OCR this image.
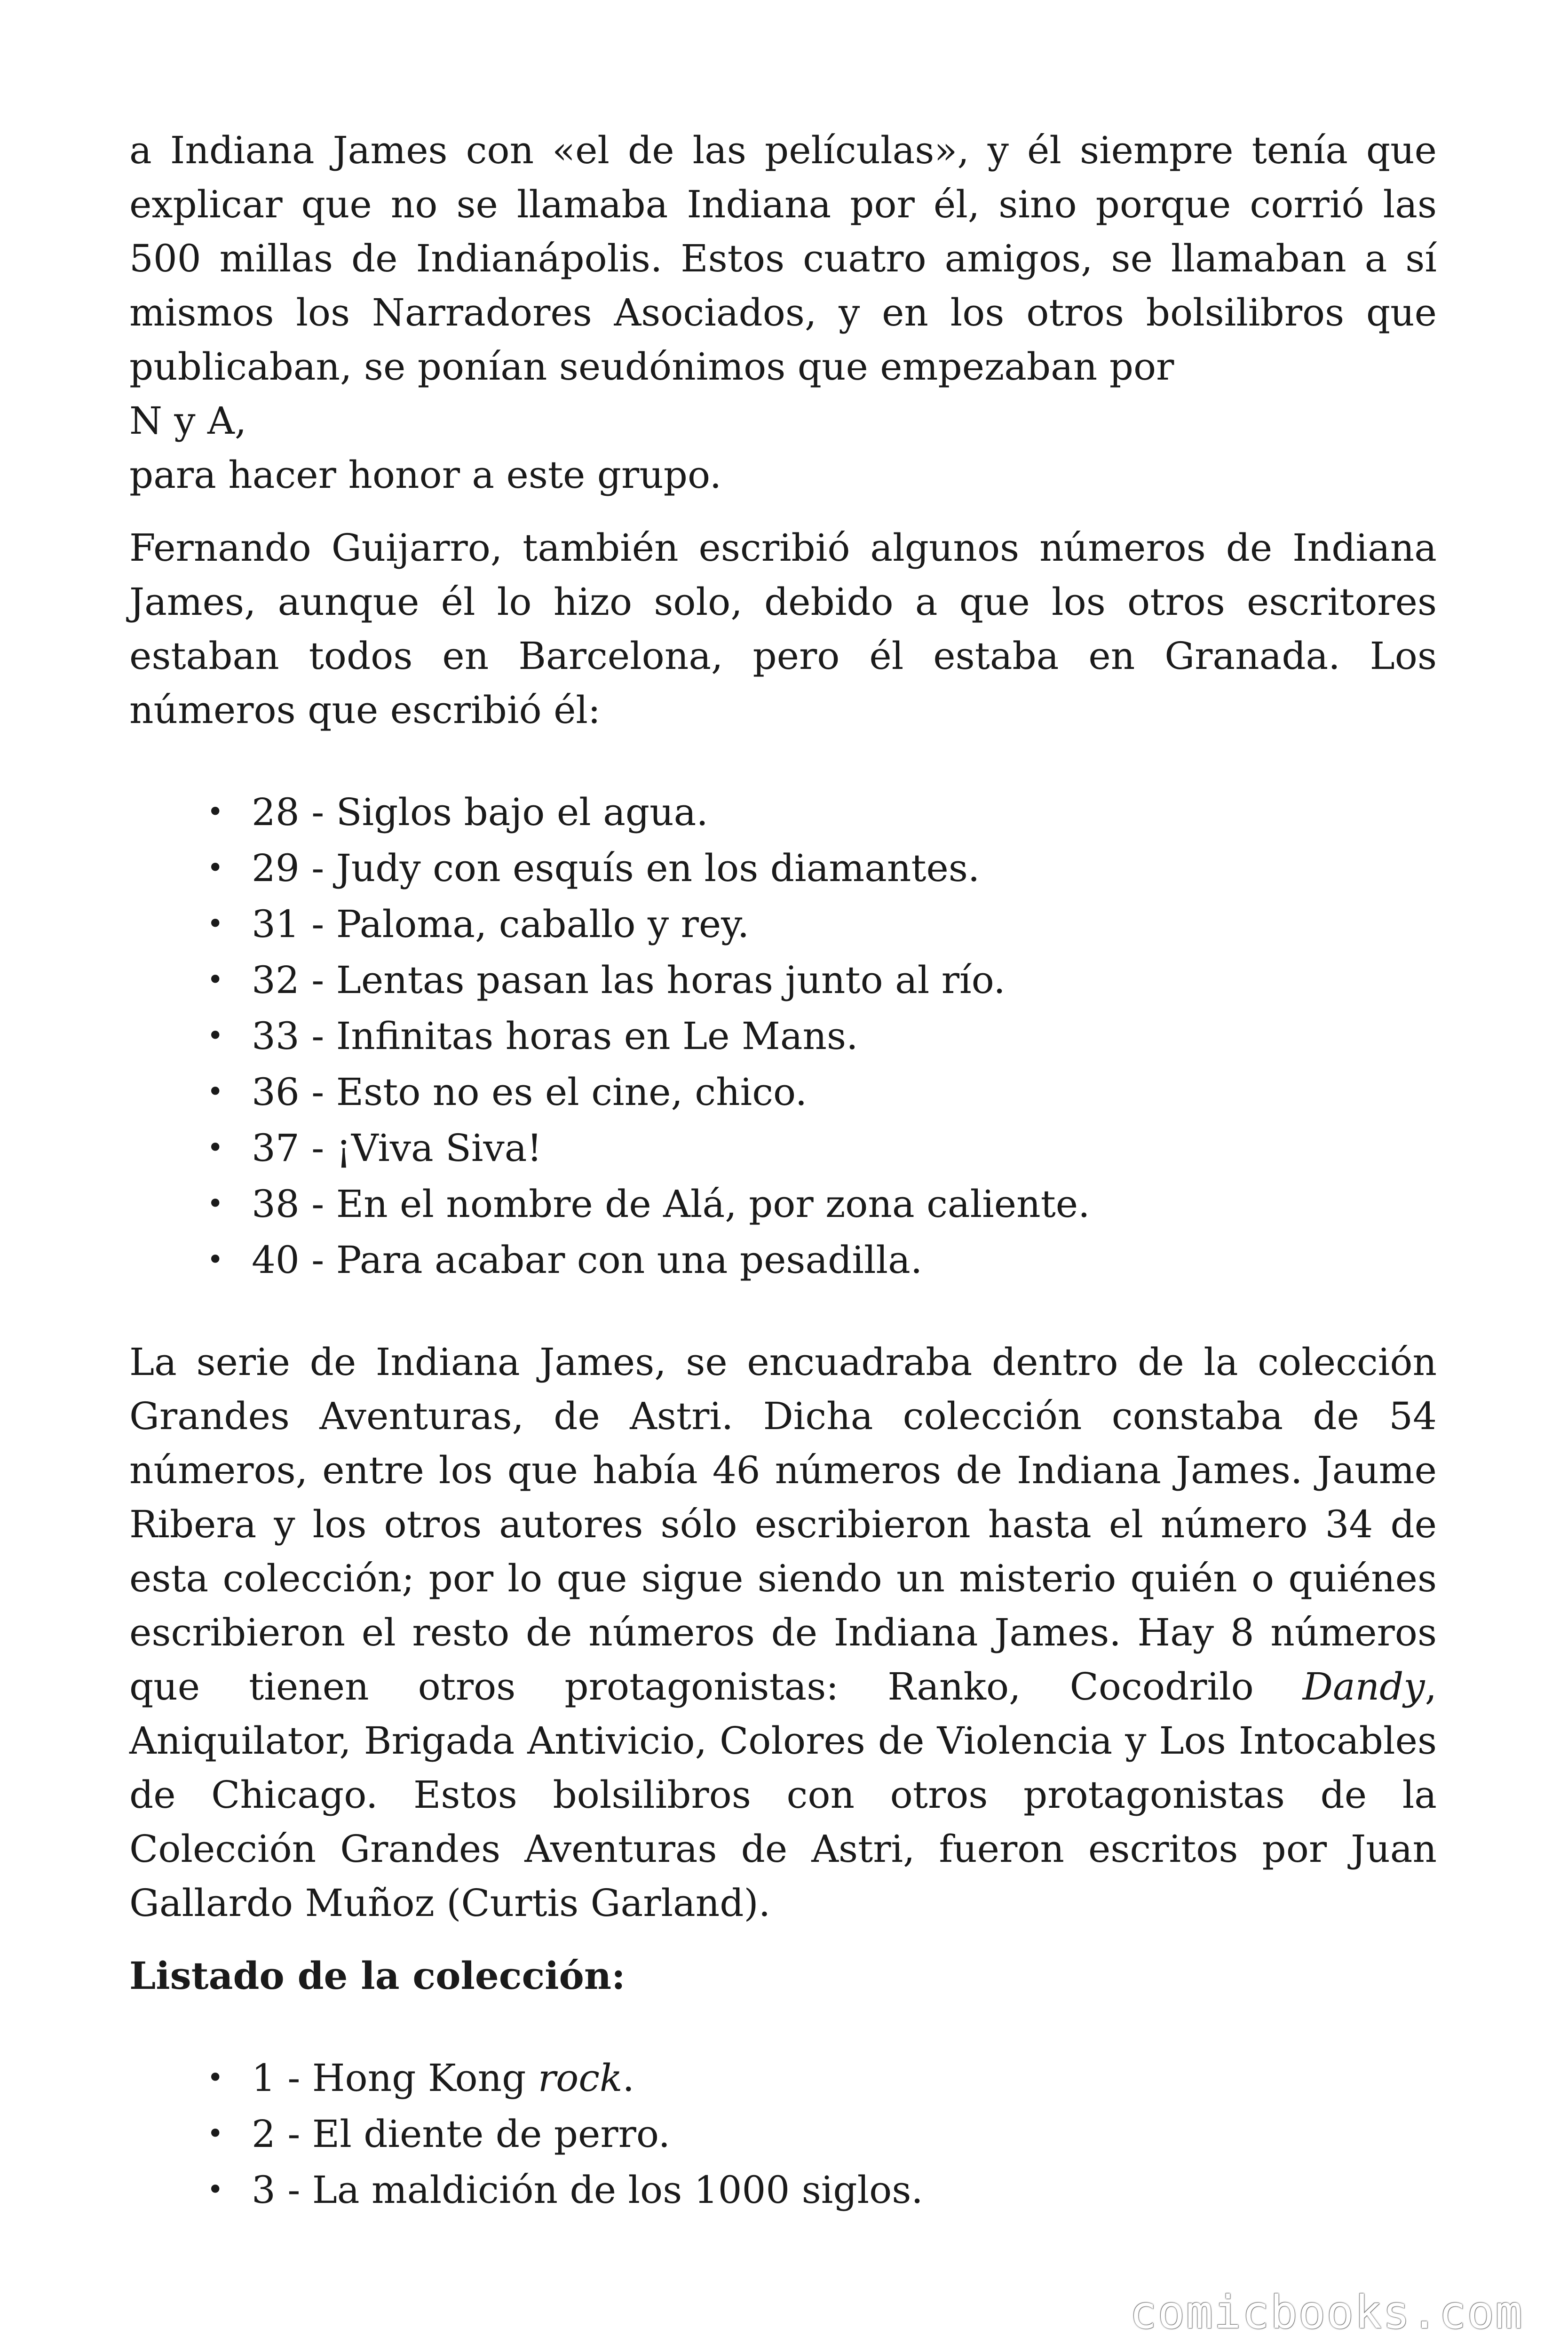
a Indiana James con «el de las películas», y él siempre tenía que explicar que no se llamaba Indiana por él, sino porque corrió las 500 millas de Indianápolis. Estos cuatro amigos, se llamaban a sí mismos los Narradores Asociados, y en los otros bolsilibros que publicaban, se ponían seudónimos que empezaban por
N y A,
para hacer honor a este grupo.

Fernando Guijarro, también escribió algunos números de Indiana James, aunque él lo hizo solo, debido a que los otros escritores estaban todos en Barcelona, pero él estaba en Granada. Los números que escribió él:

• 28 - Siglos bajo el agua.
• 29 - Judy con esquís en los diamantes.
• 31 - Paloma, caballo y rey.
• 32 - Lentas pasan las horas junto al río.
• 33 - Infinitas horas en Le Mans.
• 36 - Esto no es el cine, chico.
• 37 - ¡Viva Siva!
• 38 - En el nombre de Alá, por zona caliente.
• 40 - Para acabar con una pesadilla.

La serie de Indiana James, se encuadraba dentro de la colección Grandes Aventuras, de Astri. Dicha colección constaba de 54 números, entre los que había 46 números de Indiana James. Jaume Ribera y los otros autores sólo escribieron hasta el número 34 de esta colección; por lo que sigue siendo un misterio quién o quiénes escribieron el resto de números de Indiana James. Hay 8 números que tienen otros protagonistas: Ranko, Cocodrilo Dandy, Aniquilator, Brigada Antivicio, Colores de Violencia y Los Intocables de Chicago. Estos bolsilibros con otros protagonistas de la Colección Grandes Aventuras de Astri, fueron escritos por Juan Gallardo Muñoz (Curtis Garland).

Listado de la colección:

• 1 - Hong Kong rock.
• 2 - El diente de perro.
• 3 - La maldición de los 1000 siglos.
comicbooks.com
